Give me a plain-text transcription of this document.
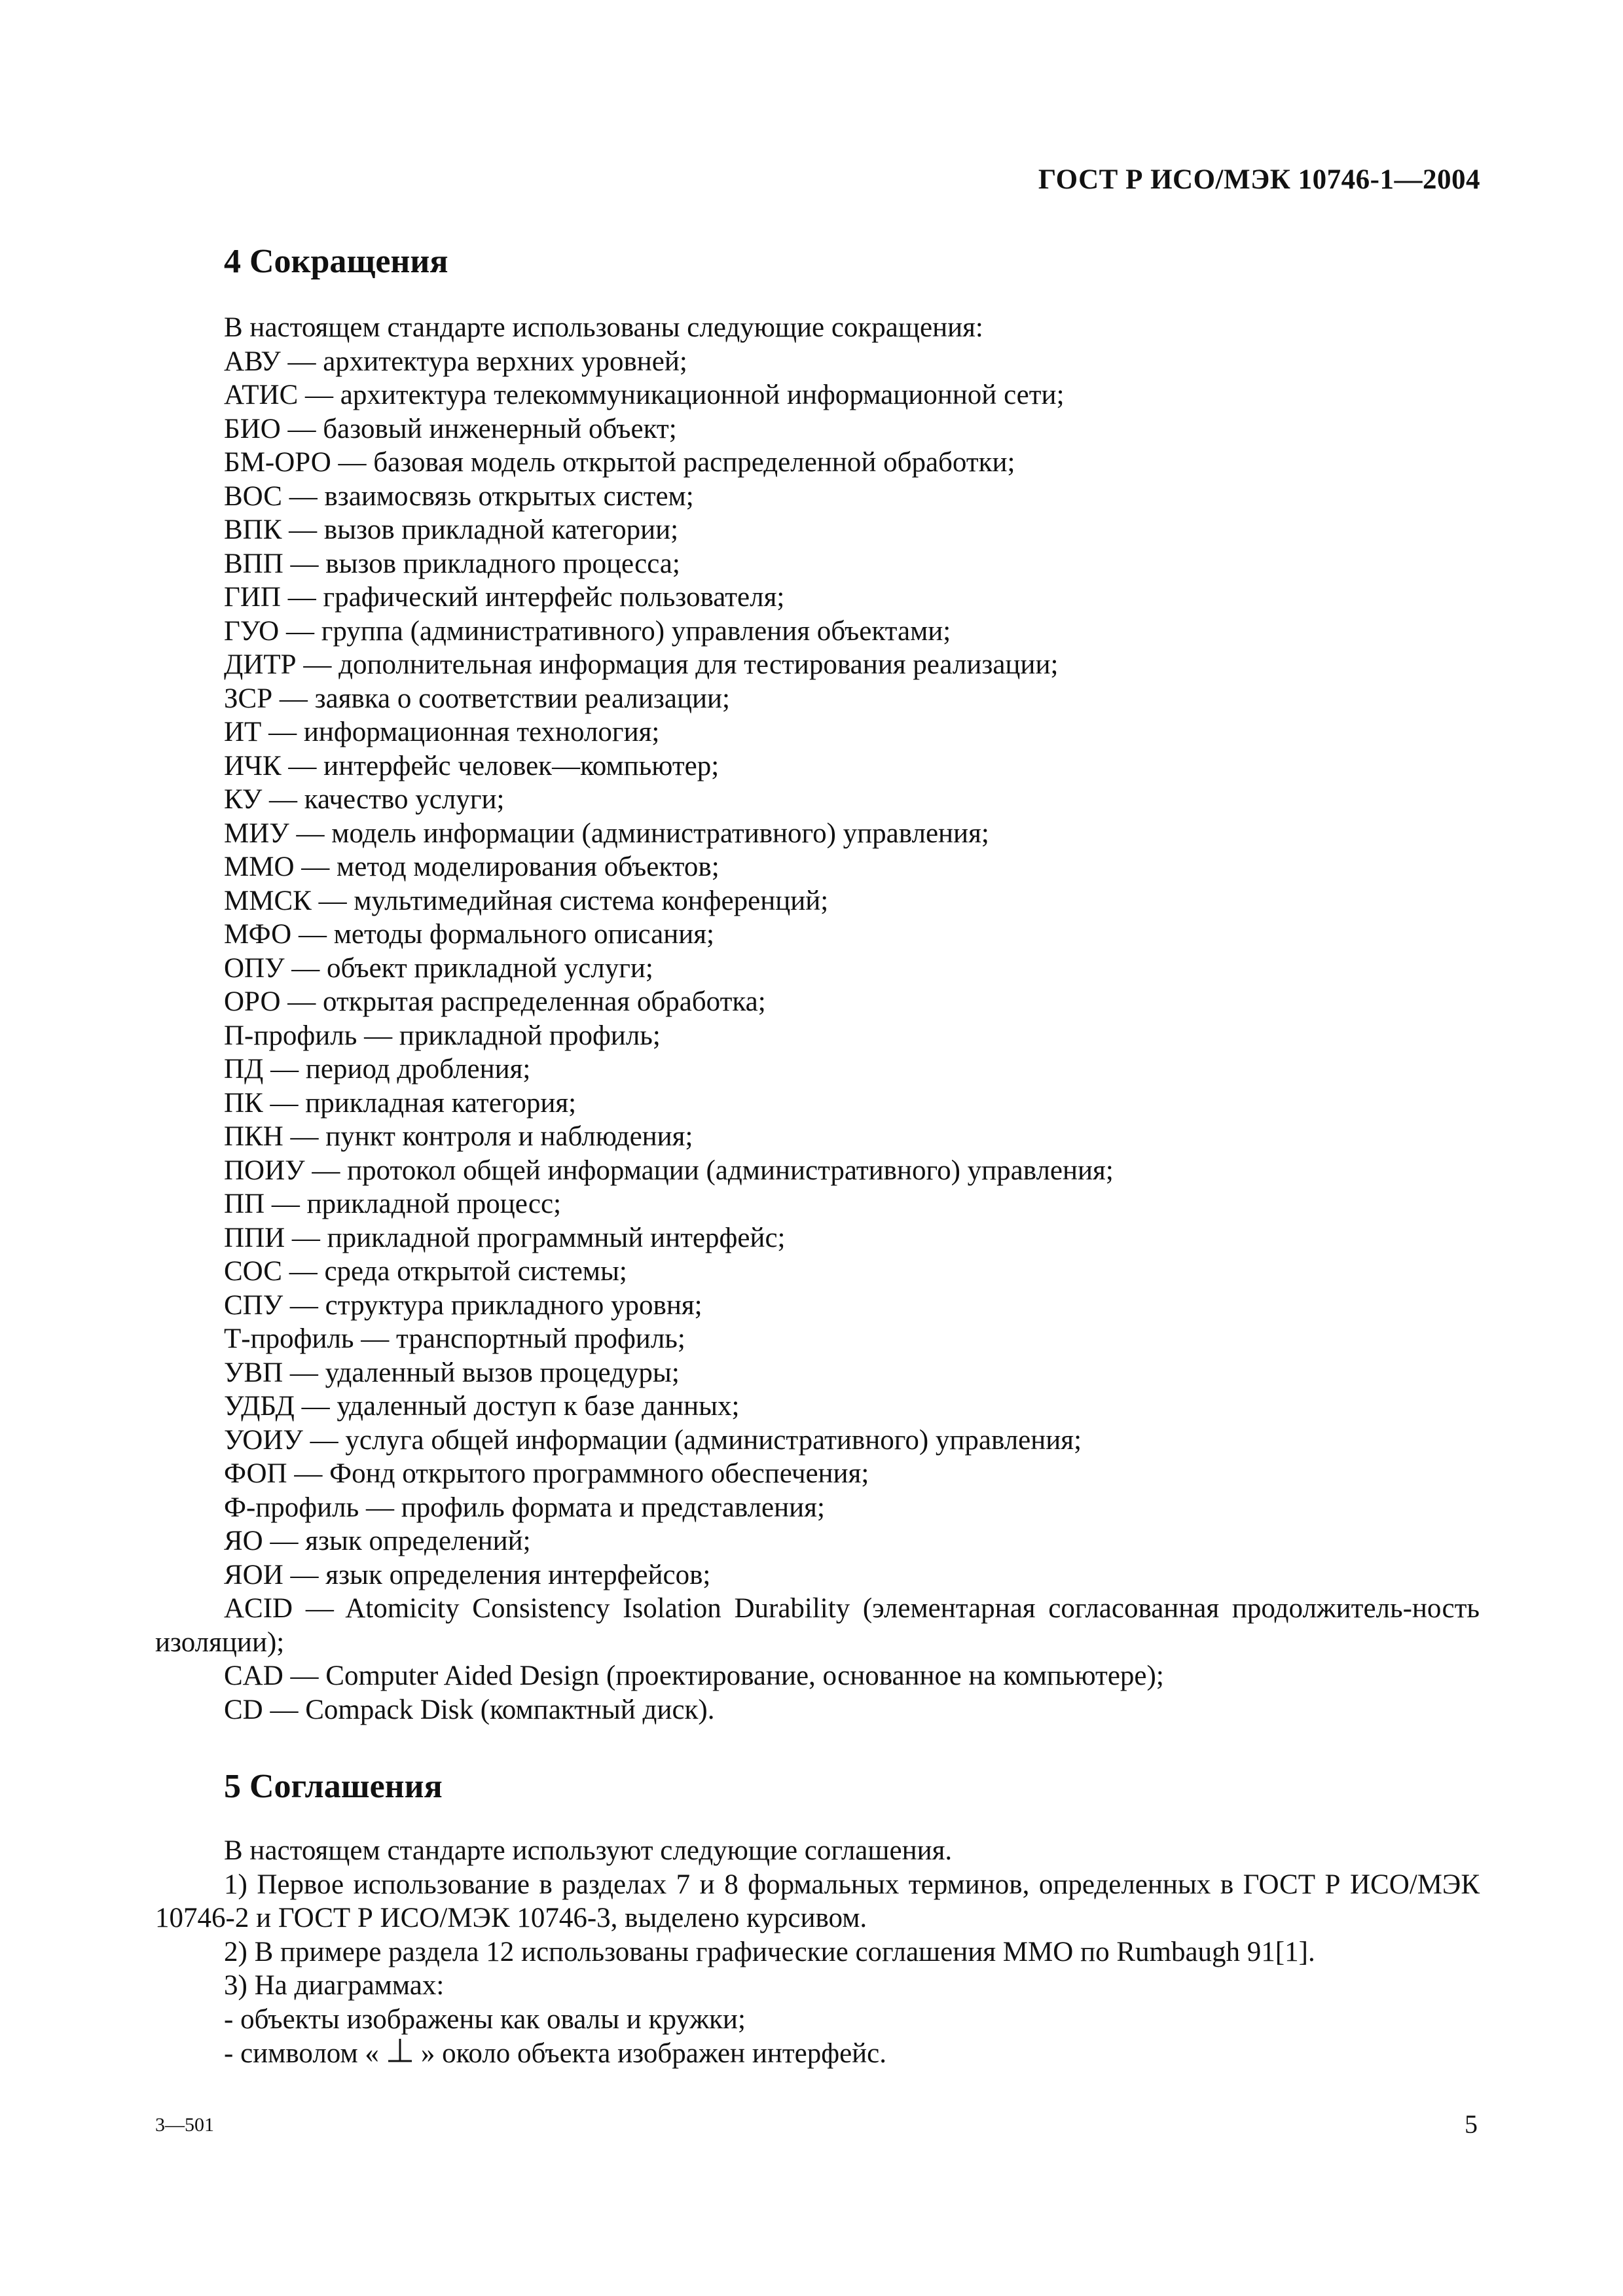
ГОСТ Р ИСО/МЭК 10746-1—2004
4 Сокращения
В настоящем стандарте использованы следующие сокращения:
АВУ — архитектура верхних уровней;
АТИС — архитектура телекоммуникационной информационной сети;
БИО — базовый инженерный объект;
БМ-ОРО — базовая модель открытой распределенной обработки;
ВОС — взаимосвязь открытых систем;
ВПК — вызов прикладной категории;
ВПП — вызов прикладного процесса;
ГИП — графический интерфейс пользователя;
ГУО — группа (административного) управления объектами;
ДИТР — дополнительная информация для тестирования реализации;
ЗСР — заявка о соответствии реализации;
ИТ — информационная технология;
ИЧК — интерфейс человек—компьютер;
КУ — качество услуги;
МИУ — модель информации (административного) управления;
ММО — метод моделирования объектов;
ММСК — мультимедийная система конференций;
МФО — методы формального описания;
ОПУ — объект прикладной услуги;
ОРО — открытая распределенная обработка;
П-профиль — прикладной профиль;
ПД — период дробления;
ПК — прикладная категория;
ПКН — пункт контроля и наблюдения;
ПОИУ — протокол общей информации (административного) управления;
ПП — прикладной процесс;
ППИ — прикладной программный интерфейс;
СОС — среда открытой системы;
СПУ — структура прикладного уровня;
Т-профиль — транспортный профиль;
УВП — удаленный вызов процедуры;
УДБД — удаленный доступ к базе данных;
УОИУ — услуга общей информации (административного) управления;
ФОП — Фонд открытого программного обеспечения;
Ф-профиль — профиль формата и представления;
ЯО — язык определений;
ЯОИ — язык определения интерфейсов;
ACID — Atomicity Consistency Isolation Durability (элементарная согласованная продолжитель-ность изоляции);
CAD — Computer Aided Design (проектирование, основанное на компьютере);
CD — Compack Disk (компактный диск).
5 Соглашения
В настоящем стандарте используют следующие соглашения.
1) Первое использование в разделах 7 и 8 формальных терминов, определенных в ГОСТ Р ИСО/МЭК 10746-2 и ГОСТ Р ИСО/МЭК 10746-3, выделено курсивом.
2) В примере раздела 12 использованы графические соглашения ММО по Rumbaugh 91[1].
3) На диаграммах:
- объекты изображены как овалы и кружки;
- символом « » около объекта изображен интерфейс.
3—501	5
